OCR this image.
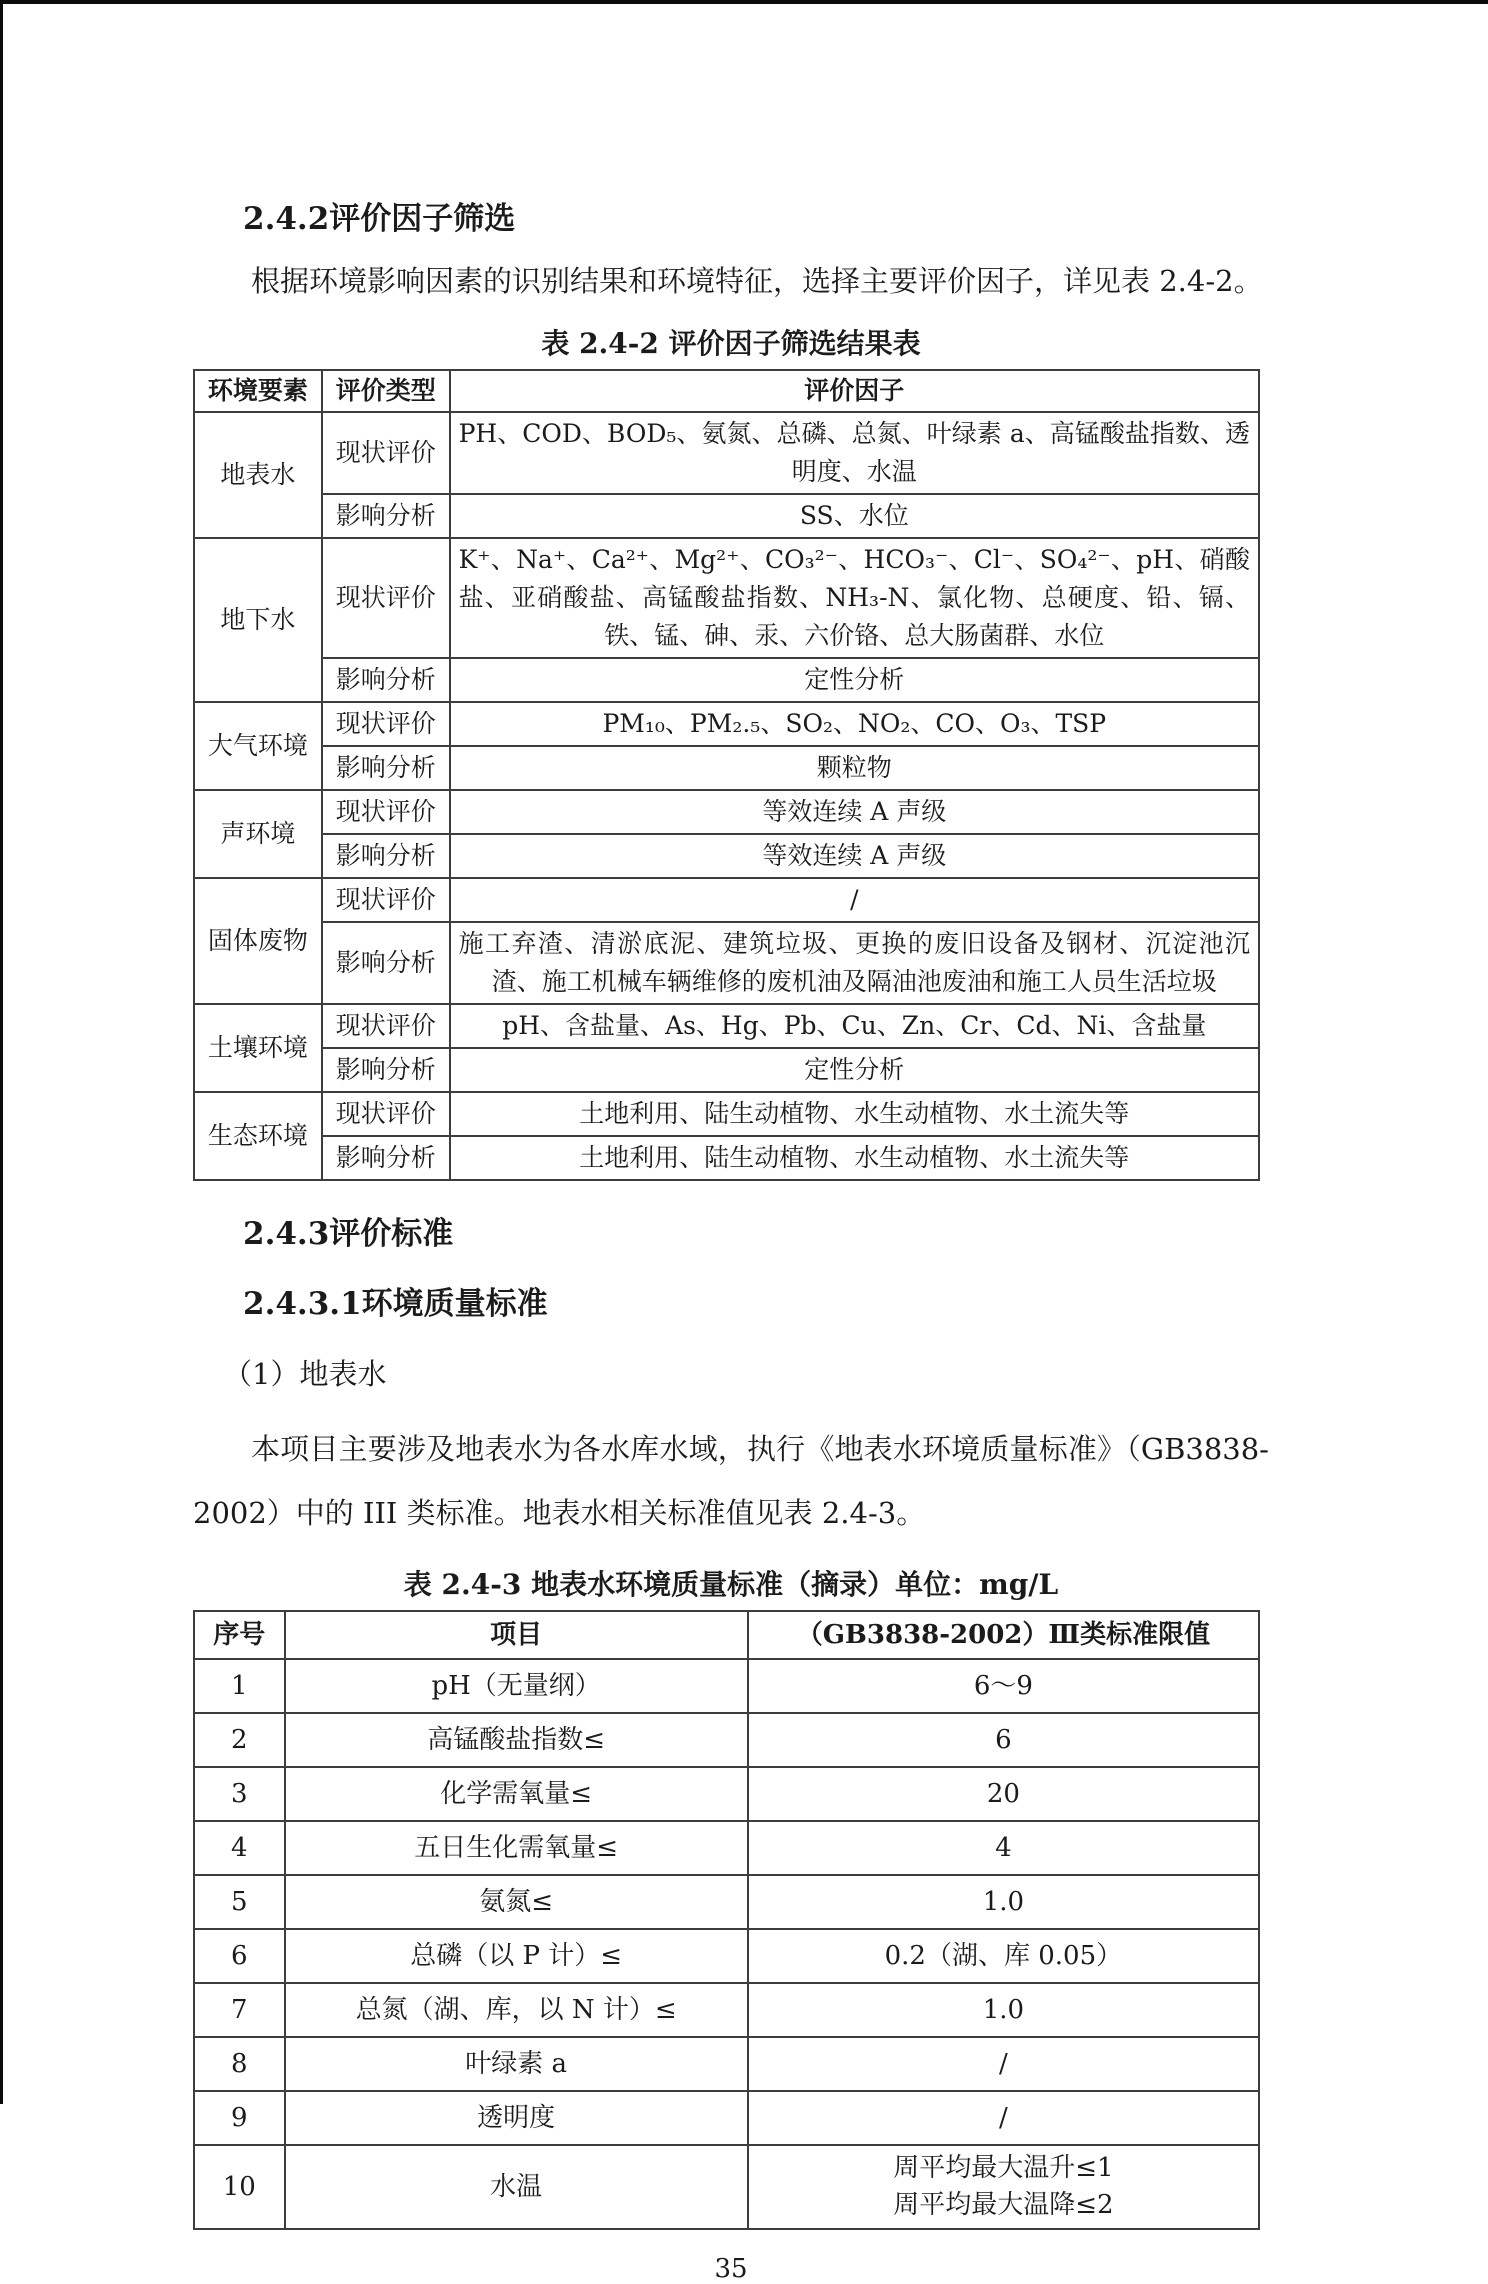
2.4.2评价因子筛选

根据环境影响因素的识别结果和环境特征，选择主要评价因子，详见表 2.4-2。

表 2.4-2 评价因子筛选结果表

环境要素	评价类型	评价因子
地表水	现状评价	PH、COD、BOD₅、氨氮、总磷、总氮、叶绿素 a、高锰酸盐指数、透明度、水温
	影响分析	SS、水位
地下水	现状评价	K⁺、Na⁺、Ca²⁺、Mg²⁺、CO₃²⁻、HCO₃⁻、Cl⁻、SO₄²⁻、pH、硝酸盐、亚硝酸盐、高锰酸盐指数、NH₃-N、氯化物、总硬度、铅、镉、铁、锰、砷、汞、六价铬、总大肠菌群、水位
	影响分析	定性分析
大气环境	现状评价	PM₁₀、PM₂.₅、SO₂、NO₂、CO、O₃、TSP
	影响分析	颗粒物
声环境	现状评价	等效连续 A 声级
	影响分析	等效连续 A 声级
固体废物	现状评价	/
	影响分析	施工弃渣、清淤底泥、建筑垃圾、更换的废旧设备及钢材、沉淀池沉渣、施工机械车辆维修的废机油及隔油池废油和施工人员生活垃圾
土壤环境	现状评价	pH、含盐量、As、Hg、Pb、Cu、Zn、Cr、Cd、Ni、含盐量
	影响分析	定性分析
生态环境	现状评价	土地利用、陆生动植物、水生动植物、水土流失等
	影响分析	土地利用、陆生动植物、水生动植物、水土流失等

2.4.3评价标准

2.4.3.1环境质量标准

（1）地表水

本项目主要涉及地表水为各水库水域，执行《地表水环境质量标准》（GB3838-2002）中的 III 类标准。地表水相关标准值见表 2.4-3。

表 2.4-3 地表水环境质量标准（摘录）单位：mg/L

序号	项目	（GB3838-2002）Ⅲ类标准限值
1	pH（无量纲）	6～9
2	高锰酸盐指数≤	6
3	化学需氧量≤	20
4	五日生化需氧量≤	4
5	氨氮≤	1.0
6	总磷（以 P 计）≤	0.2（湖、库 0.05）
7	总氮（湖、库，以 N 计）≤	1.0
8	叶绿素 a	/
9	透明度	/
10	水温	周平均最大温升≤1
周平均最大温降≤2
35
